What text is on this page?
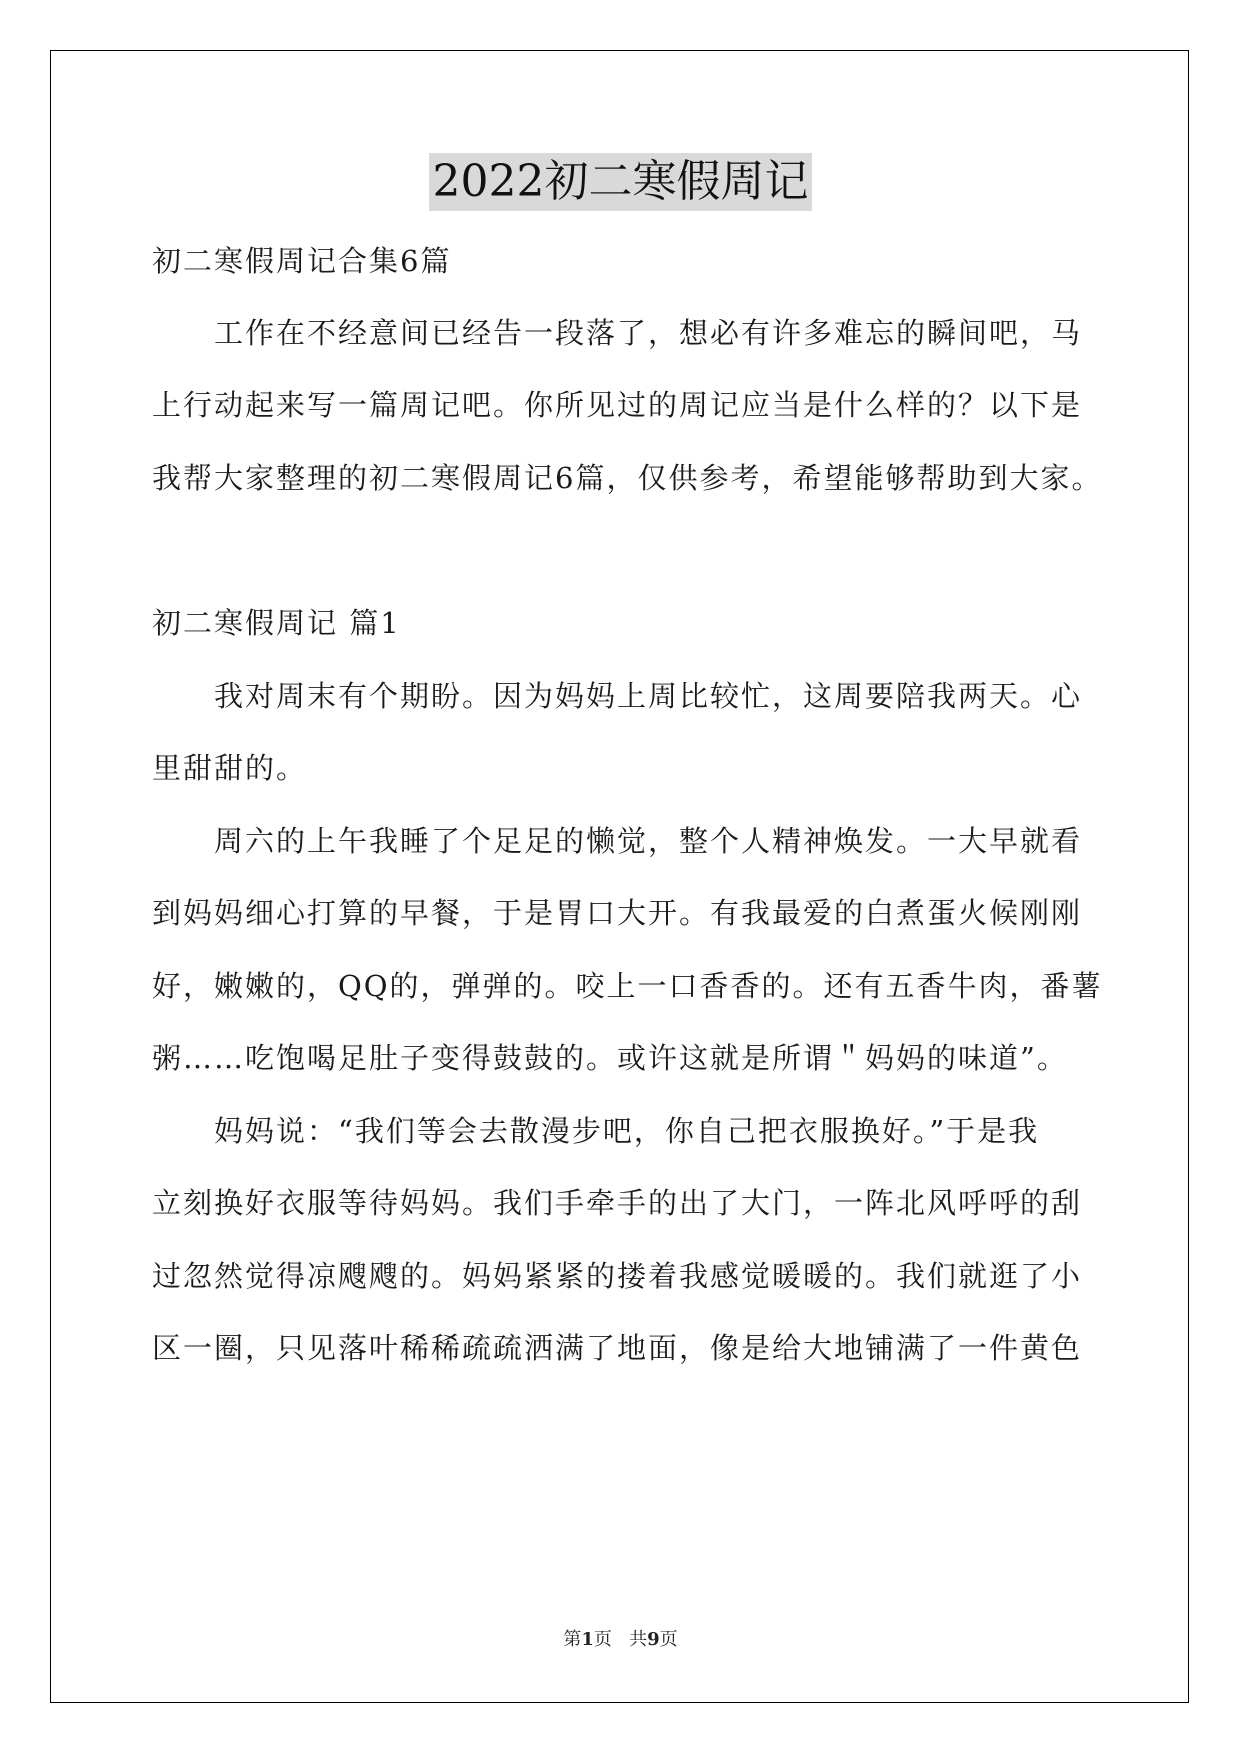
2022初二寒假周记
初二寒假周记合集6篇
工作在不经意间已经告一段落了，想必有许多难忘的瞬间吧，马
上行动起来写一篇周记吧。你所见过的周记应当是什么样的？以下是
我帮大家整理的初二寒假周记6篇，仅供参考，希望能够帮助到大家。
初二寒假周记 篇1
我对周末有个期盼。因为妈妈上周比较忙，这周要陪我两天。心
里甜甜的。
周六的上午我睡了个足足的懒觉，整个人精神焕发。一大早就看
到妈妈细心打算的早餐，于是胃口大开。有我最爱的白煮蛋火候刚刚
好，嫩嫩的，QQ的，弹弹的。咬上一口香香的。还有五香牛肉，番薯
粥……吃饱喝足肚子变得鼓鼓的。或许这就是所谓＂妈妈的味道”。
妈妈说：“我们等会去散漫步吧，你自己把衣服换好。”于是我
立刻换好衣服等待妈妈。我们手牵手的出了大门，一阵北风呼呼的刮
过忽然觉得凉飕飕的。妈妈紧紧的搂着我感觉暖暖的。我们就逛了小
区一圈，只见落叶稀稀疏疏洒满了地面，像是给大地铺满了一件黄色
第1页   共9页
